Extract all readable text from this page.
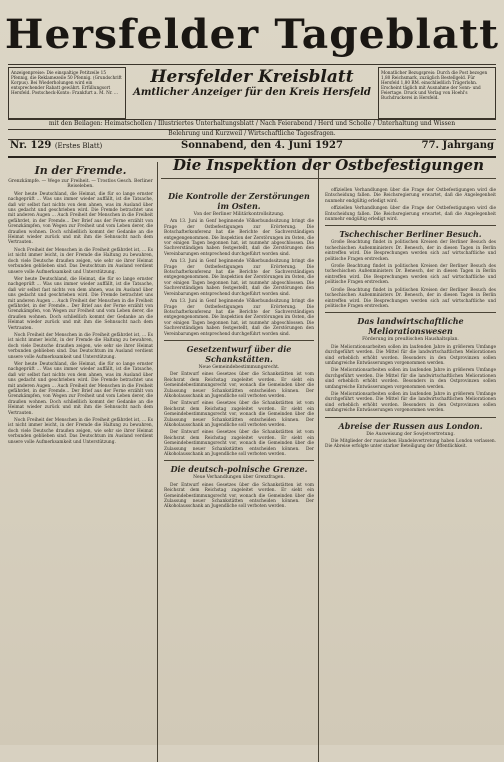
Hersfelder Tageblatt
Anzeigenpreise: Die einspaltige Petitzeile 15 Pfennig, die Reklamezeile 50 Pfennig. (Grundschrift Korpus). Bei Wiederholungen wird ein entsprechender Rabatt gewährt. Erfüllungsort Hersfeld. Postscheck-Konto: Frankfurt a. M. Nr. ...
Hersfelder Kreisblatt
Amtlicher Anzeiger für den Kreis Hersfeld
Monatlicher Bezugspreis: Durch die Post bezogen 1,80 Reichsmark, zuzüglich Bestellgeld. Für Hersfeld 1,80 RM. einschließlich Trägerlohn. Erscheint täglich mit Ausnahme der Sonn- und Feiertage. Druck und Verlag von Hoehl's Buchdruckerei in Hersfeld.
mit den Beilagen: Heimatschollen / Illustriertes Unterhaltungsblatt / Nach Feierabend / Herd und Scholle / Unterhaltung und Wissen
Belehrung und Kurzweil / Wirtschaftliche Tagesfragen.
Nr. 129 (Erstes Blatt)	Sonnabend, den 4. Juni 1927	77. Jahrgang
In der Fremde.
Grenzkämpfe. — Wege zur Freiheit. — Trostlos Gesch. Berliner Reiseleben.

Wer heute Deutschland, die Heimat, die für so lange ernster nachgeprüft ... Was uns immer wieder auffällt, ist die Tatsache, daß wir selbst fast nichts von dem ahnen, was im Ausland über uns gedacht und geschrieben wird. Die Fremde betrachtet uns mit anderen Augen ... Auch Freiheit der Menschen in die Freiheit gefährdet, in der Fremde... Der Brief aus der Ferne erzählt von Grenzkämpfen, von Wegen zur Freiheit und vom Leben derer, die draußen wohnen. Doch schließlich kommt der Gedanke an die Heimat wieder zurück und mit ihm die Sehnsucht nach dem Vertrauten.

Noch Freiheit der Menschen in die Freiheit gefährdet ist, ... Es ist nicht immer leicht, in der Fremde die Haltung zu bewahren, doch viele Deutsche draußen zeigen, wie sehr sie ihrer Heimat verbunden geblieben sind. Das Deutschtum im Ausland verdient unsere volle Aufmerksamkeit und Unterstützung.

Wer heute Deutschland, die Heimat, die für so lange ernster nachgeprüft ... Was uns immer wieder auffällt, ist die Tatsache, daß wir selbst fast nichts von dem ahnen, was im Ausland über uns gedacht und geschrieben wird. Die Fremde betrachtet uns mit anderen Augen ... Auch Freiheit der Menschen in die Freiheit gefährdet, in der Fremde... Der Brief aus der Ferne erzählt von Grenzkämpfen, von Wegen zur Freiheit und vom Leben derer, die draußen wohnen. Doch schließlich kommt der Gedanke an die Heimat wieder zurück und mit ihm die Sehnsucht nach dem Vertrauten.

Noch Freiheit der Menschen in die Freiheit gefährdet ist, ... Es ist nicht immer leicht, in der Fremde die Haltung zu bewahren, doch viele Deutsche draußen zeigen, wie sehr sie ihrer Heimat verbunden geblieben sind. Das Deutschtum im Ausland verdient unsere volle Aufmerksamkeit und Unterstützung.

Wer heute Deutschland, die Heimat, die für so lange ernster nachgeprüft ... Was uns immer wieder auffällt, ist die Tatsache, daß wir selbst fast nichts von dem ahnen, was im Ausland über uns gedacht und geschrieben wird. Die Fremde betrachtet uns mit anderen Augen ... Auch Freiheit der Menschen in die Freiheit gefährdet, in der Fremde... Der Brief aus der Ferne erzählt von Grenzkämpfen, von Wegen zur Freiheit und vom Leben derer, die draußen wohnen. Doch schließlich kommt der Gedanke an die Heimat wieder zurück und mit ihm die Sehnsucht nach dem Vertrauten.

Noch Freiheit der Menschen in die Freiheit gefährdet ist, ... Es ist nicht immer leicht, in der Fremde die Haltung zu bewahren, doch viele Deutsche draußen zeigen, wie sehr sie ihrer Heimat verbunden geblieben sind. Das Deutschtum im Ausland verdient unsere volle Aufmerksamkeit und Unterstützung.

Die Kontrolle der Zerstörungen im Osten.
Von der Berliner Militärkontrollsitzung.

Am 13. Juni in Genf beginnende Völkerbundssitzung bringt die Frage der Ostbefestigungen zur Erörterung. Die Botschafterkonferenz hat die Berichte der Sachverständigen entgegengenommen. Die Inspektion der Zerstörungen im Osten, die vor einigen Tagen begonnen hat, ist nunmehr abgeschlossen. Die Sachverständigen haben festgestellt, daß die Zerstörungen den Vereinbarungen entsprechend durchgeführt worden sind.

Am 13. Juni in Genf beginnende Völkerbundssitzung bringt die Frage der Ostbefestigungen zur Erörterung. Die Botschafterkonferenz hat die Berichte der Sachverständigen entgegengenommen. Die Inspektion der Zerstörungen im Osten, die vor einigen Tagen begonnen hat, ist nunmehr abgeschlossen. Die Sachverständigen haben festgestellt, daß die Zerstörungen den Vereinbarungen entsprechend durchgeführt worden sind.

Am 13. Juni in Genf beginnende Völkerbundssitzung bringt die Frage der Ostbefestigungen zur Erörterung. Die Botschafterkonferenz hat die Berichte der Sachverständigen entgegengenommen. Die Inspektion der Zerstörungen im Osten, die vor einigen Tagen begonnen hat, ist nunmehr abgeschlossen. Die Sachverständigen haben festgestellt, daß die Zerstörungen den Vereinbarungen entsprechend durchgeführt worden sind.

Gesetzentwurf über die Schankstätten.
Neue Gemeindebestimmungsrecht.

Der Entwurf eines Gesetzes über die Schankstätten ist vom Reichsrat dem Reichstag zugeleitet worden. Er sieht ein Gemeindebestimmungsrecht vor, wonach die Gemeinden über die Zulassung neuer Schankstätten entscheiden können. Der Alkoholausschank an Jugendliche soll verboten werden.

Der Entwurf eines Gesetzes über die Schankstätten ist vom Reichsrat dem Reichstag zugeleitet worden. Er sieht ein Gemeindebestimmungsrecht vor, wonach die Gemeinden über die Zulassung neuer Schankstätten entscheiden können. Der Alkoholausschank an Jugendliche soll verboten werden.

Der Entwurf eines Gesetzes über die Schankstätten ist vom Reichsrat dem Reichstag zugeleitet worden. Er sieht ein Gemeindebestimmungsrecht vor, wonach die Gemeinden über die Zulassung neuer Schankstätten entscheiden können. Der Alkoholausschank an Jugendliche soll verboten werden.

Die deutsch-polnische Grenze.
Neue Verhandlungen über Grenzfragen.

Der Entwurf eines Gesetzes über die Schankstätten ist vom Reichsrat dem Reichstag zugeleitet worden. Er sieht ein Gemeindebestimmungsrecht vor, wonach die Gemeinden über die Zulassung neuer Schankstätten entscheiden können. Der Alkoholausschank an Jugendliche soll verboten werden.

offiziellen Verhandlungen über die Frage der Ostbefestigungen wird die Entscheidung fallen. Die Reichsregierung erwartet, daß die Angelegenheit nunmehr endgültig erledigt wird.

offiziellen Verhandlungen über die Frage der Ostbefestigungen wird die Entscheidung fallen. Die Reichsregierung erwartet, daß die Angelegenheit nunmehr endgültig erledigt wird.

Tschechischer Berliner Besuch.

Große Beachtung findet in politischen Kreisen der Berliner Besuch des tschechischen Außenministers Dr. Benesch, der in diesen Tagen in Berlin eintreffen wird. Die Besprechungen werden sich auf wirtschaftliche und politische Fragen erstrecken.

Große Beachtung findet in politischen Kreisen der Berliner Besuch des tschechischen Außenministers Dr. Benesch, der in diesen Tagen in Berlin eintreffen wird. Die Besprechungen werden sich auf wirtschaftliche und politische Fragen erstrecken.

Große Beachtung findet in politischen Kreisen der Berliner Besuch des tschechischen Außenministers Dr. Benesch, der in diesen Tagen in Berlin eintreffen wird. Die Besprechungen werden sich auf wirtschaftliche und politische Fragen erstrecken.

Das landwirtschaftliche Meliorationswesen
Förderung im preußischen Haushaltsplan.

Die Meliorationsarbeiten sollen im laufenden Jahre in größerem Umfange durchgeführt werden. Die Mittel für die landwirtschaftlichen Meliorationen sind erheblich erhöht worden. Besonders in den Ostprovinzen sollen umfangreiche Entwässerungen vorgenommen werden.

Die Meliorationsarbeiten sollen im laufenden Jahre in größerem Umfange durchgeführt werden. Die Mittel für die landwirtschaftlichen Meliorationen sind erheblich erhöht worden. Besonders in den Ostprovinzen sollen umfangreiche Entwässerungen vorgenommen werden.

Die Meliorationsarbeiten sollen im laufenden Jahre in größerem Umfange durchgeführt werden. Die Mittel für die landwirtschaftlichen Meliorationen sind erheblich erhöht worden. Besonders in den Ostprovinzen sollen umfangreiche Entwässerungen vorgenommen werden.

Abreise der Russen aus London.
Die Ausweisung der Sowjetvertretung.

Die Mitglieder der russischen Handelsvertretung haben London verlassen. Die Abreise erfolgte unter starker Beteiligung der Öffentlichkeit.

Die Inspektion der Ostbefestigungen
